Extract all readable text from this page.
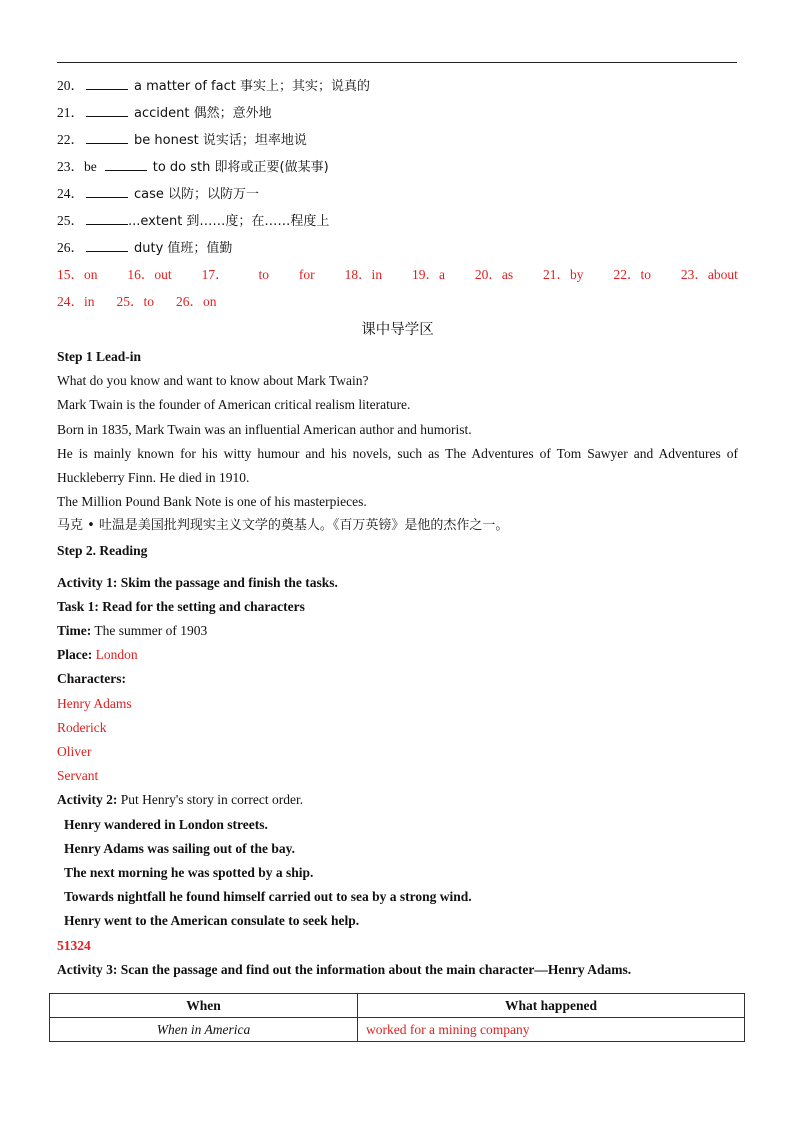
20．	a matter of fact 事实上；其实；说真的
21．	accident 偶然；意外地
22．	be honest 说实话；坦率地说
23．be	to do sth 即将或正要(做某事)
24．	case 以防；以防万一
25．	...extent 到……度；在……程度上
26．	duty 值班；值勤
15．on 16．out 17． to for 18．in 19．a 20．as 21．by 22．to 23．about
24．in 25．to 26．on
课中导学区
Step 1 Lead-in
What do you know and want to know about Mark Twain?
Mark Twain is the founder of American critical realism literature.
Born in 1835, Mark Twain was an influential American author and humorist.
He is mainly known for his witty humour and his novels, such as The Adventures of Tom Sawyer and Adventures of
Huckleberry Finn. He died in 1910.
The Million Pound Bank Note is one of his masterpieces.
马克 • 吐温是美国批判现实主义文学的奠基人。《百万英镑》是他的杰作之一。
Step 2. Reading
Activity 1: Skim the passage and finish the tasks.
Task 1: Read for the setting and characters
Time: The summer of 1903
Place: London
Characters:
Henry Adams
Roderick
Oliver
Servant
Activity 2: Put Henry's story in correct order.
Henry wandered in London streets.
Henry Adams was sailing out of the bay.
The next morning he was spotted by a ship.
Towards nightfall he found himself carried out to sea by a strong wind.
Henry went to the American consulate to seek help.
51324
Activity 3: Scan the passage and find out the information about the main character—Henry Adams.
When	What happened
When in America	worked for a mining company
